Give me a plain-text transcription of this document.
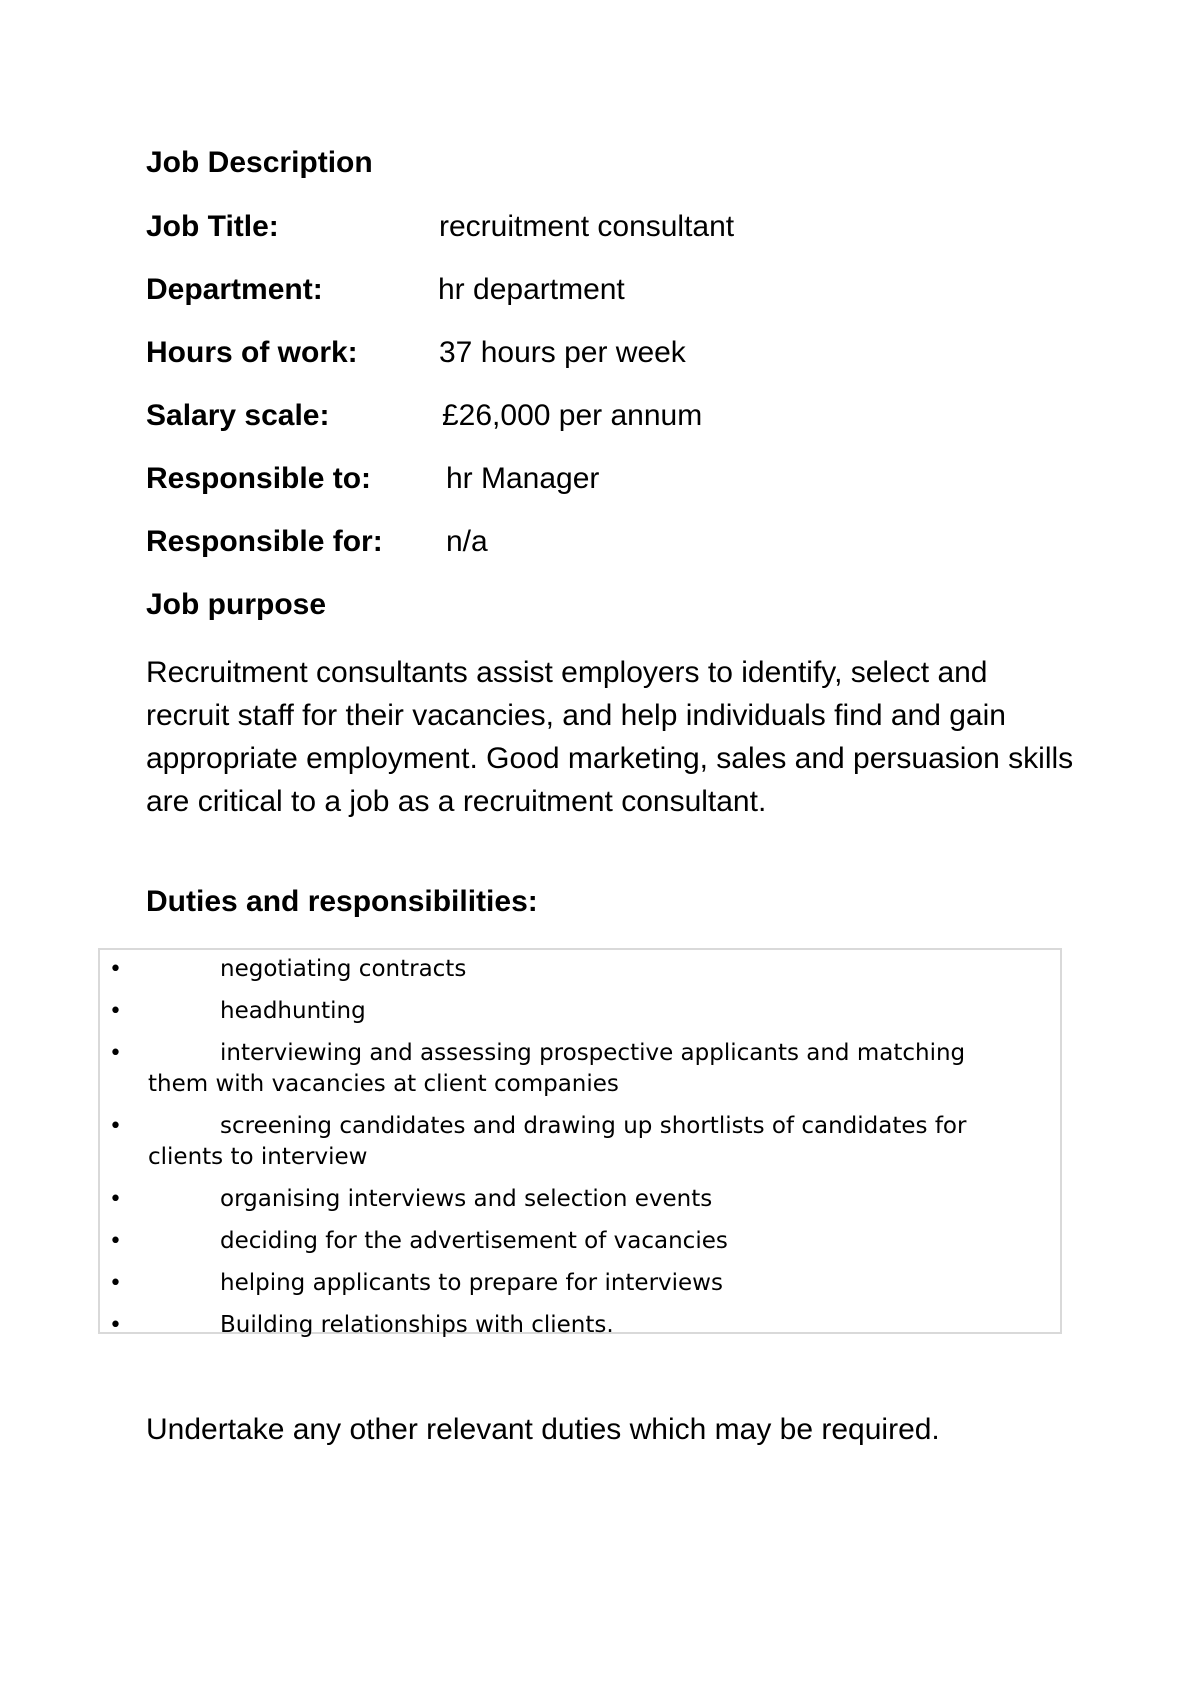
Job Description
Job Title:	recruitment consultant
Department:	hr department
Hours of work:	37 hours per week
Salary scale:	£26,000 per annum
Responsible to: hr Manager
Responsible for: n/a
Job purpose

Recruitment consultants assist employers to identify, select and recruit staff for their vacancies, and help individuals find and gain appropriate employment. Good marketing, sales and persuasion skills are critical to a job as a recruitment consultant.

Duties and responsibilities:
•	negotiating contracts
•	headhunting
•	interviewing and assessing prospective applicants and matching them with vacancies at client companies
•	screening candidates and drawing up shortlists of candidates for clients to interview
•	organising interviews and selection events
•	deciding for the advertisement of vacancies
•	helping applicants to prepare for interviews
•	Building relationships with clients.

Undertake any other relevant duties which may be required.
